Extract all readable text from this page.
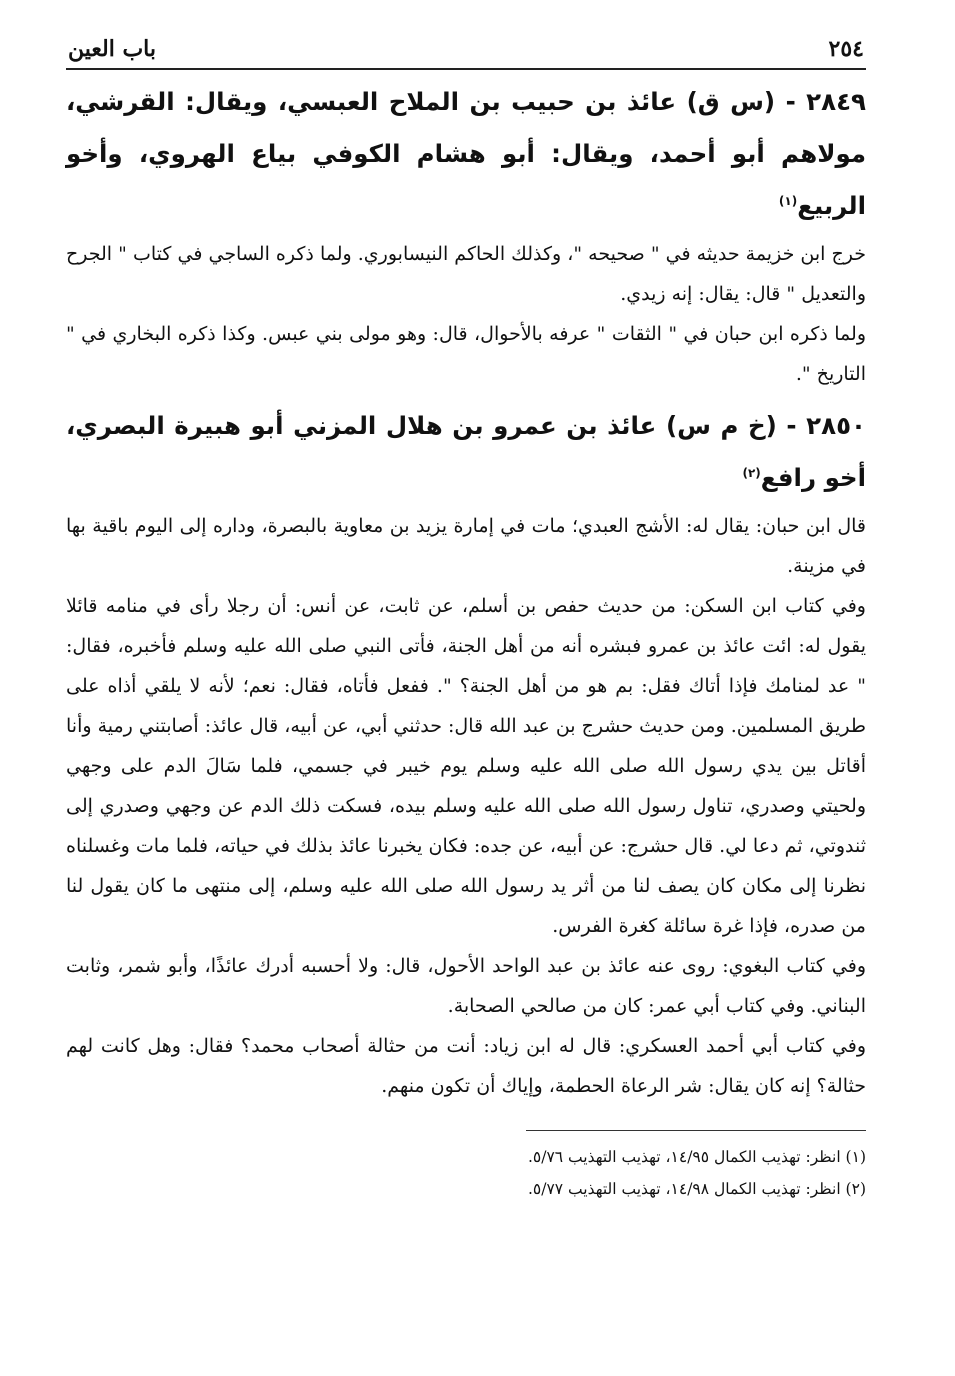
٢٥٤
باب العين
٢٨٤٩ - (س ق) عائذ بن حبيب بن الملاح العبسي، ويقال: القرشي، مولاهم أبو أحمد، ويقال: أبو هشام الكوفي بياع الهروي، وأخو الربيع$^{(١)}$

خرج ابن خزيمة حديثه في " صحيحه "، وكذلك الحاكم النيسابوري. ولما ذكره الساجي في كتاب " الجرح والتعديل " قال: يقال: إنه زيدي.

ولما ذكره ابن حبان في " الثقات " عرفه بالأحوال، قال: وهو مولى بني عبس. وكذا ذكره البخاري في " التاريخ ".

٢٨٥٠ - (خ م س) عائذ بن عمرو بن هلال المزني أبو هبيرة البصري، أخو رافع$^{(٢)}$

قال ابن حبان: يقال له: الأشج العبدي؛ مات في إمارة يزيد بن معاوية بالبصرة، وداره إلى اليوم باقية بها في مزينة.

وفي كتاب ابن السكن: من حديث حفص بن أسلم، عن ثابت، عن أنس: أن رجلا رأى في منامه قائلا يقول له: ائت عائذ بن عمرو فبشره أنه من أهل الجنة، فأتى النبي صلى الله عليه وسلم فأخبره، فقال: " عد لمنامك فإذا أتاك فقل: بم هو من أهل الجنة؟ ". ففعل فأتاه، فقال: نعم؛ لأنه لا يلقي أذاه على طريق المسلمين. ومن حديث حشرج بن عبد الله قال: حدثني أبي، عن أبيه، قال عائذ: أصابتني رمية وأنا أقاتل بين يدي رسول الله صلى الله عليه وسلم يوم خيبر في جسمي، فلما سَالَ الدم على وجهي ولحيتي وصدري، تناول رسول الله صلى الله عليه وسلم بيده، فسكت ذلك الدم عن وجهي وصدري إلى ثندوتي، ثم دعا لي. قال حشرج: عن أبيه، عن جده: فكان يخبرنا عائذ بذلك في حياته، فلما مات وغسلناه نظرنا إلى مكان كان يصف لنا من أثر يد رسول الله صلى الله عليه وسلم، إلى منتهى ما كان يقول لنا من صدره، فإذا غرة سائلة كغرة الفرس.

وفي كتاب البغوي: روى عنه عائذ بن عبد الواحد الأحول، قال: ولا أحسبه أدرك عائذًا، وأبو شمر، وثابت البناني. وفي كتاب أبي عمر: كان من صالحي الصحابة.

وفي كتاب أبي أحمد العسكري: قال له ابن زياد: أنت من حثالة أصحاب محمد؟ فقال: وهل كانت لهم حثالة؟ إنه كان يقال: شر الرعاة الحطمة، وإياك أن تكون منهم.

(١) انظر: تهذيب الكمال ١٤/٩٥، تهذيب التهذيب ٥/٧٦.

(٢) انظر: تهذيب الكمال ١٤/٩٨، تهذيب التهذيب ٥/٧٧.
